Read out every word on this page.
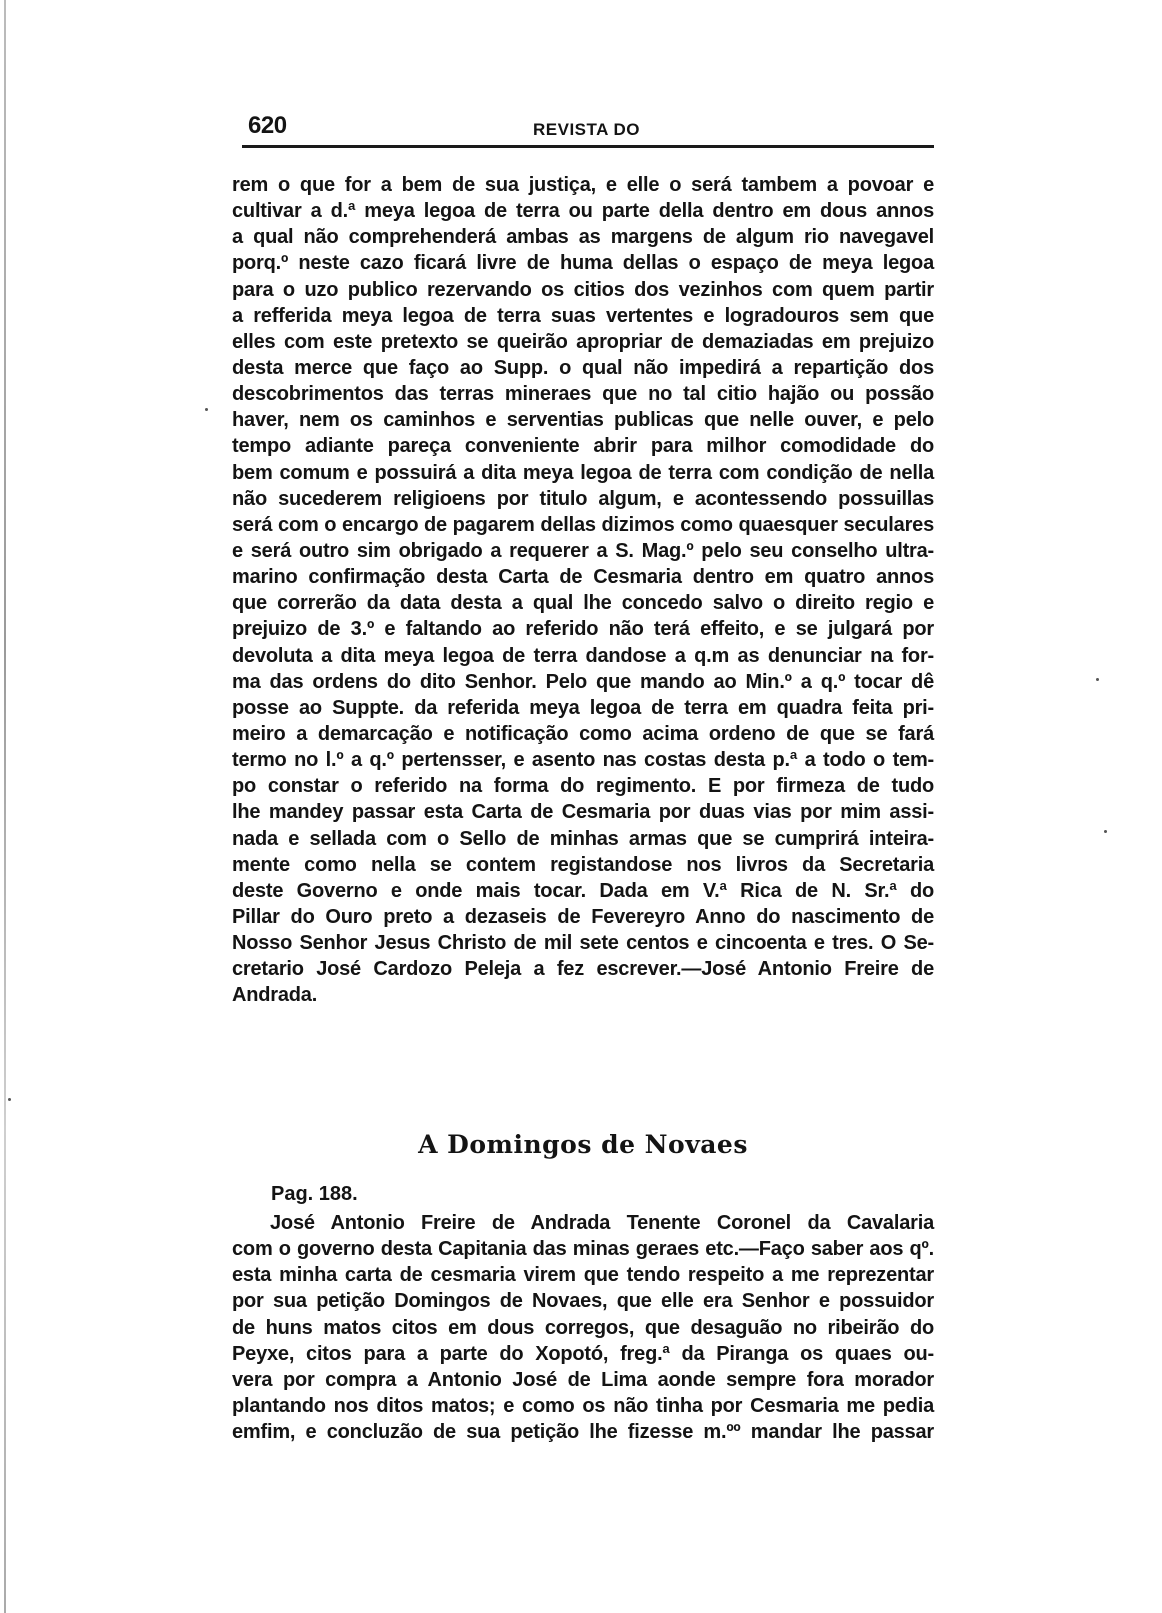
620	REVISTA DO
rem o que for a bem de sua justiça, e elle o será tambem a povoar e
cultivar a d.ª meya legoa de terra ou parte della dentro em dous annos
a qual não comprehenderá ambas as margens de algum rio navegavel
porq.º neste cazo ficará livre de huma dellas o espaço de meya legoa
para o uzo publico rezervando os citios dos vezinhos com quem partir
a refferida meya legoa de terra suas vertentes e logradouros sem que
elles com este pretexto se queirão apropriar de demaziadas em prejuizo
desta merce que faço ao Supp. o qual não impedirá a repartição dos
descobrimentos das terras mineraes que no tal citio hajão ou possão
haver, nem os caminhos e serventias publicas que nelle ouver, e pelo
tempo adiante pareça conveniente abrir para milhor comodidade do
bem comum e possuirá a dita meya legoa de terra com condição de nella
não sucederem religioens por titulo algum, e acontessendo possuillas
será com o encargo de pagarem dellas dizimos como quaesquer seculares
e será outro sim obrigado a requerer a S. Mag.º pelo seu conselho ultra-
marino confirmação desta Carta de Cesmaria dentro em quatro annos
que correrão da data desta a qual lhe concedo salvo o direito regio e
prejuizo de 3.º e faltando ao referido não terá effeito, e se julgará por
devoluta a dita meya legoa de terra dandose a q.m as denunciar na for-
ma das ordens do dito Senhor. Pelo que mando ao Min.º a q.º tocar dê
posse ao Suppte. da referida meya legoa de terra em quadra feita pri-
meiro a demarcação e notificação como acima ordeno de que se fará
termo no l.º a q.º pertensser, e asento nas costas desta p.ª a todo o tem-
po constar o referido na forma do regimento. E por firmeza de tudo
lhe mandey passar esta Carta de Cesmaria por duas vias por mim assi-
nada e sellada com o Sello de minhas armas que se cumprirá inteira-
mente como nella se contem registandose nos livros da Secretaria
deste Governo e onde mais tocar. Dada em V.ª Rica de N. Sr.ª do
Pillar do Ouro preto a dezaseis de Fevereyro Anno do nascimento de
Nosso Senhor Jesus Christo de mil sete centos e cincoenta e tres. O Se-
cretario José Cardozo Peleja a fez escrever.—José Antonio Freire de
Andrada.
A Domingos de Novaes
Pag. 188.
José Antonio Freire de Andrada Tenente Coronel da Cavalaria
com o governo desta Capitania das minas geraes etc.—Faço saber aos qº.
esta minha carta de cesmaria virem que tendo respeito a me reprezentar
por sua petição Domingos de Novaes, que elle era Senhor e possuidor
de huns matos citos em dous corregos, que desaguão no ribeirão do
Peyxe, citos para a parte do Xopotó, freg.ª da Piranga os quaes ou-
vera por compra a Antonio José de Lima aonde sempre fora morador
plantando nos ditos matos; e como os não tinha por Cesmaria me pedia
emfim, e concluzão de sua petição lhe fizesse m.ºº mandar lhe passar
